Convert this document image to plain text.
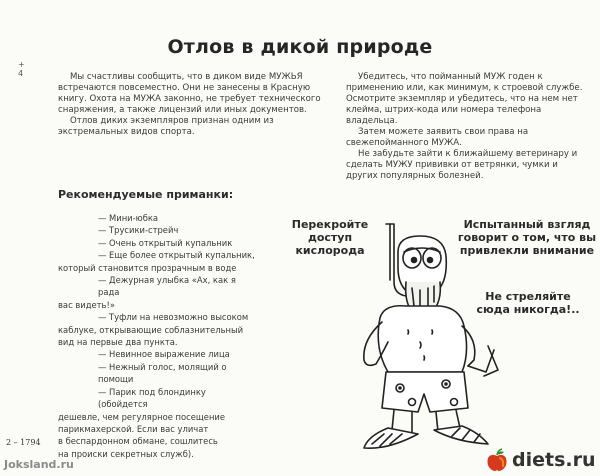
Отлов в дикой природе
+
4	Мы счастливы сообщить, что в диком виде МУЖЬЯ встречаются повсеместно. Они не занесены в Красную книгу. Охота на МУЖА законно, не требует технического снаряжения, а также лицензий или иных документов.

Отлов диких экземпляров признан одним из экстремальных видов спорта.

Убедитесь, что пойманный МУЖ годен к применению или, как минимум, к строевой службе. Осмотрите экземпляр и убедитесь, что на нем нет клейма, штрих-кода или номера телефона владельца.

Затем можете заявить свои права на свежепойманного МУЖА.

Не забудьте зайти к ближайшему ветеринару и сделать МУЖУ прививки от ветрянки, чумки и других популярных болезней.

Рекомендуемые приманки:
— Мини-юбка
— Трусики-стрейч
— Очень открытый купальник
— Еще более открытый купальник,
который становится прозрачным в воде
— Дежурная улыбка «Ах, как я рада
вас видеть!»
— Туфли на невозможно высоком
каблуке, открывающие соблазнительный
вид на первые два пункта.
— Невинное выражение лица
— Нежный голос, молящий о помощи
— Парик под блондинку (обойдется
дешевле, чем регулярное посещение
парикмахерской. Если вас уличат
в беспардонном обмане, сошлитесь
на происки секретных служб).
Перекройте доступ кислорода
Испытанный взгляд говорит о том, что вы привлекли внимание
Не стреляйте сюда никогда!..
2 – 1794
Joksland.ru	diets.ru
